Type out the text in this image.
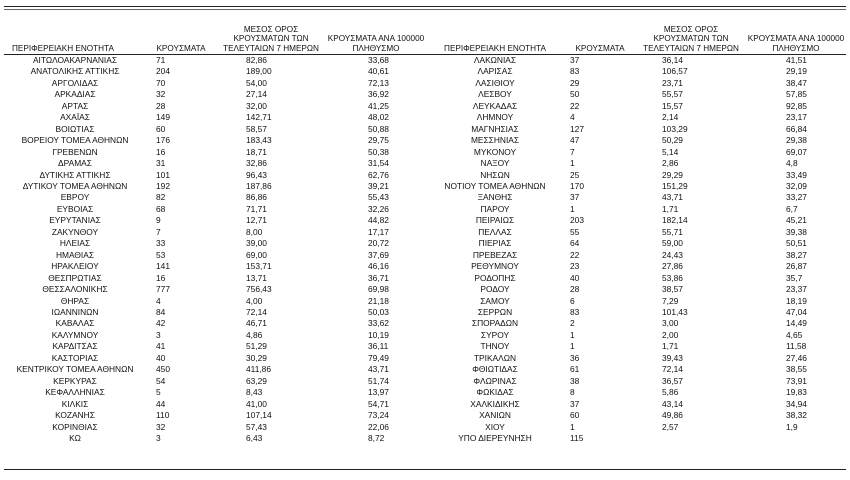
ΠΕΡΙΦΕΡΕΙΑΚΗ ΕΝΟΤΗΤΑ	ΚΡΟΥΣΜΑΤΑ	ΜΕΣΟΣ ΟΡΟΣ ΚΡΟΥΣΜΑΤΩΝ ΤΩΝ ΤΕΛΕΥΤΑΙΩΝ 7 ΗΜΕΡΩΝ	ΚΡΟΥΣΜΑΤΑ ΑΝΑ 100000 ΠΛΗΘΥΣΜΟ	ΠΕΡΙΦΕΡΕΙΑΚΗ ΕΝΟΤΗΤΑ	ΚΡΟΥΣΜΑΤΑ	ΜΕΣΟΣ ΟΡΟΣ ΚΡΟΥΣΜΑΤΩΝ ΤΩΝ ΤΕΛΕΥΤΑΙΩΝ 7 ΗΜΕΡΩΝ	ΚΡΟΥΣΜΑΤΑ ΑΝΑ 100000 ΠΛΗΘΥΣΜΟ
ΑΙΤΩΛΟΑΚΑΡΝΑΝΙΑΣ	71	82,86	33,68	ΛΑΚΩΝΙΑΣ	37	36,14	41,51
ΑΝΑΤΟΛΙΚΗΣ ΑΤΤΙΚΗΣ	204	189,00	40,61	ΛΑΡΙΣΑΣ	83	106,57	29,19
ΑΡΓΟΛΙΔΑΣ	70	54,00	72,13	ΛΑΣΙΘΙΟΥ	29	23,71	38,47
ΑΡΚΑΔΙΑΣ	32	27,14	36,92	ΛΕΣΒΟΥ	50	55,57	57,85
ΑΡΤΑΣ	28	32,00	41,25	ΛΕΥΚΑΔΑΣ	22	15,57	92,85
ΑΧΑΪΑΣ	149	142,71	48,02	ΛΗΜΝΟΥ	4	2,14	23,17
ΒΟΙΩΤΙΑΣ	60	58,57	50,88	ΜΑΓΝΗΣΙΑΣ	127	103,29	66,84
ΒΟΡΕΙΟΥ ΤΟΜΕΑ ΑΘΗΝΩΝ	176	183,43	29,75	ΜΕΣΣΗΝΙΑΣ	47	50,29	29,38
ΓΡΕΒΕΝΩΝ	16	18,71	50,38	ΜΥΚΟΝΟΥ	7	5,14	69,07
ΔΡΑΜΑΣ	31	32,86	31,54	ΝΑΞΟΥ	1	2,86	4,8
ΔΥΤΙΚΗΣ ΑΤΤΙΚΗΣ	101	96,43	62,76	ΝΗΣΩΝ	25	29,29	33,49
ΔΥΤΙΚΟΥ ΤΟΜΕΑ ΑΘΗΝΩΝ	192	187,86	39,21	ΝΟΤΙΟΥ ΤΟΜΕΑ ΑΘΗΝΩΝ	170	151,29	32,09
ΕΒΡΟΥ	82	86,86	55,43	ΞΑΝΘΗΣ	37	43,71	33,27
ΕΥΒΟΙΑΣ	68	71,71	32,26	ΠΑΡΟΥ	1	1,71	6,7
ΕΥΡΥΤΑΝΙΑΣ	9	12,71	44,82	ΠΕΙΡΑΙΩΣ	203	182,14	45,21
ΖΑΚΥΝΘΟΥ	7	8,00	17,17	ΠΕΛΛΑΣ	55	55,71	39,38
ΗΛΕΙΑΣ	33	39,00	20,72	ΠΙΕΡΙΑΣ	64	59,00	50,51
ΗΜΑΘΙΑΣ	53	69,00	37,69	ΠΡΕΒΕΖΑΣ	22	24,43	38,27
ΗΡΑΚΛΕΙΟΥ	141	153,71	46,16	ΡΕΘΥΜΝΟΥ	23	27,86	26,87
ΘΕΣΠΡΩΤΙΑΣ	16	13,71	36,71	ΡΟΔΟΠΗΣ	40	53,86	35,7
ΘΕΣΣΑΛΟΝΙΚΗΣ	777	756,43	69,98	ΡΟΔΟΥ	28	38,57	23,37
ΘΗΡΑΣ	4	4,00	21,18	ΣΑΜΟΥ	6	7,29	18,19
ΙΩΑΝΝΙΝΩΝ	84	72,14	50,03	ΣΕΡΡΩΝ	83	101,43	47,04
ΚΑΒΑΛΑΣ	42	46,71	33,62	ΣΠΟΡΑΔΩΝ	2	3,00	14,49
ΚΑΛΥΜΝΟΥ	3	4,86	10,19	ΣΥΡΟΥ	1	2,00	4,65
ΚΑΡΔΙΤΣΑΣ	41	51,29	36,11	ΤΗΝΟΥ	1	1,71	11,58
ΚΑΣΤΟΡΙΑΣ	40	30,29	79,49	ΤΡΙΚΑΛΩΝ	36	39,43	27,46
ΚΕΝΤΡΙΚΟΥ ΤΟΜΕΑ ΑΘΗΝΩΝ	450	411,86	43,71	ΦΘΙΩΤΙΔΑΣ	61	72,14	38,55
ΚΕΡΚΥΡΑΣ	54	63,29	51,74	ΦΛΩΡΙΝΑΣ	38	36,57	73,91
ΚΕΦΑΛΛΗΝΙΑΣ	5	8,43	13,97	ΦΩΚΙΔΑΣ	8	5,86	19,83
ΚΙΛΚΙΣ	44	41,00	54,71	ΧΑΛΚΙΔΙΚΗΣ	37	43,14	34,94
ΚΟΖΑΝΗΣ	110	107,14	73,24	ΧΑΝΙΩΝ	60	49,86	38,32
ΚΟΡΙΝΘΙΑΣ	32	57,43	22,06	ΧΙΟΥ	1	2,57	1,9
ΚΩ	3	6,43	8,72	ΥΠΟ ΔΙΕΡΕΥΝΗΣΗ	115		
